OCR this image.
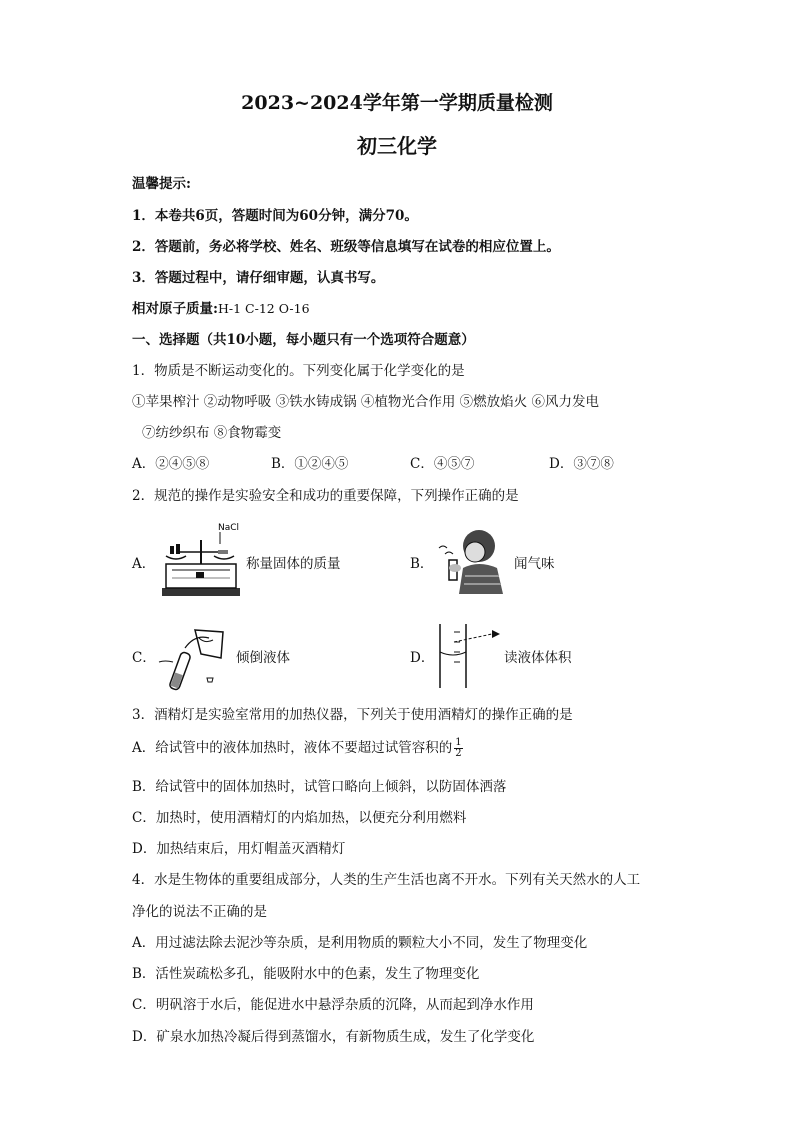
2023~2024学年第一学期质量检测
初三化学
温馨提示:
1．本卷共6页，答题时间为60分钟，满分70。
2．答题前，务必将学校、姓名、班级等信息填写在试卷的相应位置上。
3．答题过程中，请仔细审题，认真书写。
相对原子质量:H-1 C-12 O-16
一、选择题（共10小题，每小题只有一个选项符合题意）
1．物质是不断运动变化的。下列变化属于化学变化的是
①苹果榨汁 ②动物呼吸 ③铁水铸成锅 ④植物光合作用 ⑤燃放焰火 ⑥风力发电
⑦纺纱织布 ⑧食物霉变
A．②④⑤⑧	B．①②④⑤	C．④⑤⑦	D．③⑦⑧
2．规范的操作是实验安全和成功的重要保障，下列操作正确的是
A．
NaCl
称量固体的质量	B．	闻气味
C．	倾倒液体	D．	读液体体积
3．酒精灯是实验室常用的加热仪器，下列关于使用酒精灯的操作正确的是
A．给试管中的液体加热时，液体不要超过试管容积的 $\frac{1}{2}$
B．给试管中的固体加热时，试管口略向上倾斜，以防固体洒落
C．加热时，使用酒精灯的内焰加热，以便充分利用燃料
D．加热结束后，用灯帽盖灭酒精灯
4．水是生物体的重要组成部分，人类的生产生活也离不开水。下列有关天然水的人工
净化的说法不正确的是
A．用过滤法除去泥沙等杂质，是利用物质的颗粒大小不同，发生了物理变化
B．活性炭疏松多孔，能吸附水中的色素，发生了物理变化
C．明矾溶于水后，能促进水中悬浮杂质的沉降，从而起到净水作用
D．矿泉水加热冷凝后得到蒸馏水，有新物质生成，发生了化学变化
